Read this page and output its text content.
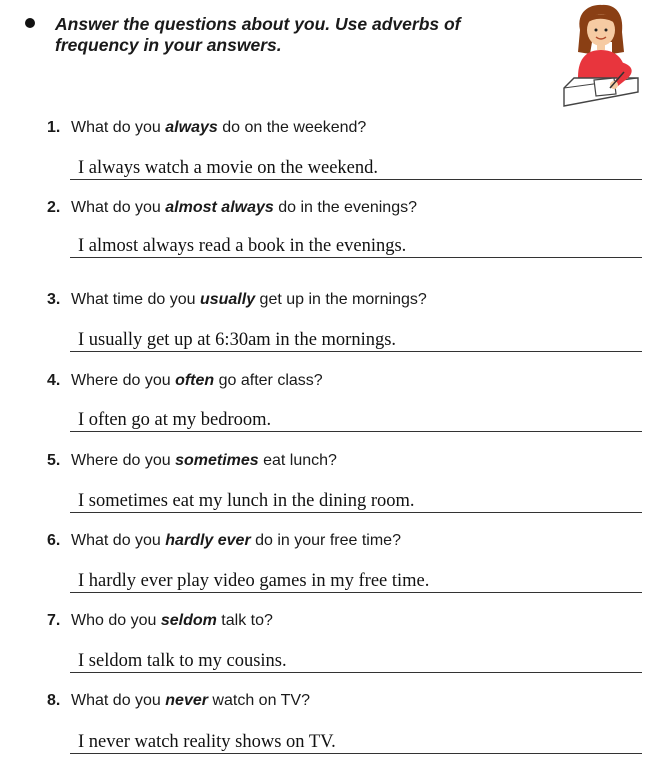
Answer the questions about you. Use adverbs of frequency in your answers.
1. What do you always do on the weekend?
I always watch a movie on the weekend.
2. What do you almost always do in the evenings?
I almost always read a book in the evenings.
3. What time do you usually get up in the mornings?
I usually get up at 6:30am in the mornings.
4. Where do you often go after class?
I often go at my bedroom.
5. Where do you sometimes eat lunch?
I sometimes eat my lunch in the dining room.
6. What do you hardly ever do in your free time?
I hardly ever play video games in my free time.
7. Who do you seldom talk to?
I seldom talk to my cousins.
8. What do you never watch on TV?
I never watch reality shows on TV.
